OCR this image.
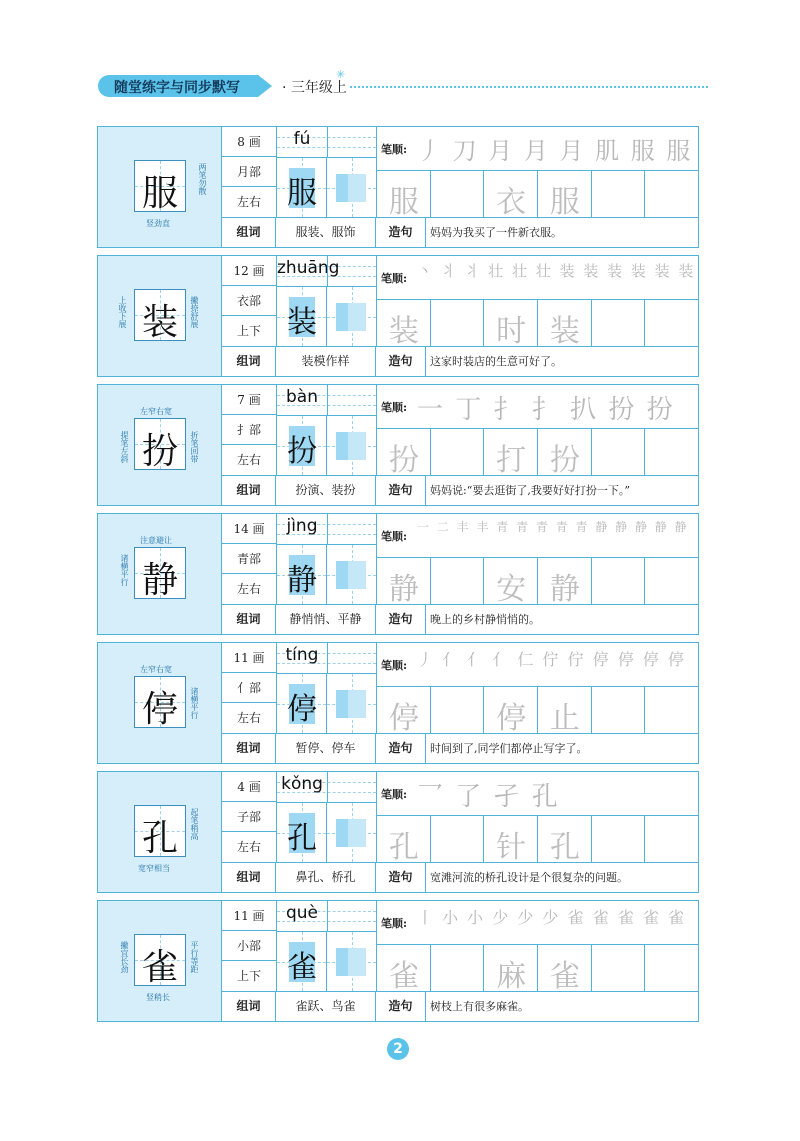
随堂练字与同步默写	· 三年级上
✳
服	两笔勿散
竖劲直
8 画
月部
左右
fú
服
笔顺: 丿 刀 月 月 月 肌 服 服
服	衣 服
组词	服装、服饰	造句	妈妈为我买了一件新衣服。
装
上收下展	撇捺舒展
12 画
衣部
上下
zhuāng
装
笔顺: 丶 丬 丬 壮 壮 壮 装 装 装 装 装 装
装	时 装
组词	装模作样	造句	这家时装店的生意可好了。
扮
左窄右宽
提笔左斜	折笔回带
7 画
扌部
左右
bàn
扮
笔顺: 一 丁 扌 扌 扒 扮 扮
扮	打 扮
组词	扮演、装扮	造句	妈妈说:“要去逛街了,我要好好打扮一下。”
静
注意避让
诸横平行
14 画
青部
左右
jìng
静
笔顺:
一 二 丰 丰 青 青 青 青 青 静 静 静 静 静
静	安 静
组词	静悄悄、平静	造句	晚上的乡村静悄悄的。
停
左窄右宽
诸横平行
11 画
亻部
左右
tíng
停
笔顺: 丿 亻 亻 亻 仁 佇 佇 停 停 停 停
停	停 止
组词	暂停、停车	造句	时间到了,同学们都停止写字了。
孔	起笔稍高
宽窄相当
4 画
子部
左右
kǒng
孔
笔顺: 乛 了 孑 孔
孔	针 孔
组词	鼻孔、桥孔	造句	宽滩河流的桥孔设计是个很复杂的问题。
雀
撇宜长劲	平行等距
竖稍长
11 画
小部
上下
què
雀
笔顺: 丨 小 小 少 少 少 雀 雀 雀 雀 雀
雀	麻 雀
组词	雀跃、鸟雀	造句	树枝上有很多麻雀。
2
